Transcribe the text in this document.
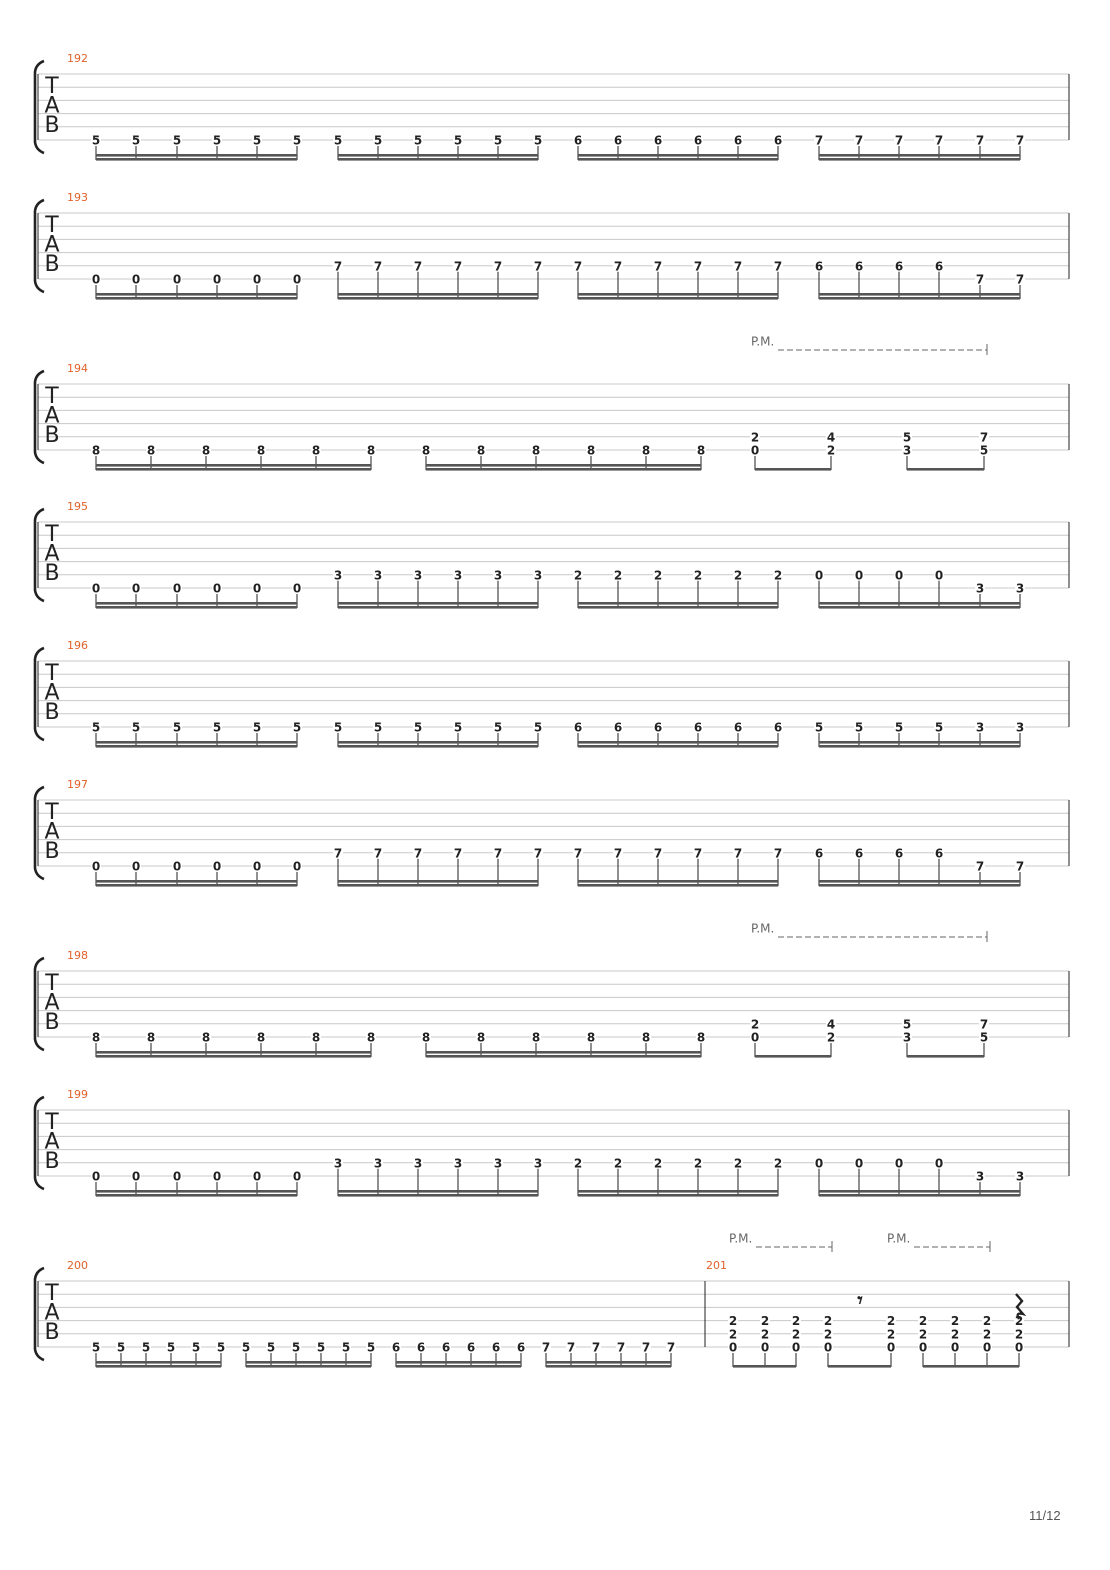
T
A
B
192
5	5	5	5	5	5	5	5	5	5	5	5	6	6	6	6	6	6	7	7	7	7	7	7
T
A
B
193
0	0	0	0	0	0
7	7	7	7	7	7	7	7	7	7	7	7	6	6	6	6
7	7
T
A
B
194
8	8	8	8	8	8	8	8	8	8	8	8
2
0
4
2
5
3
7
5
P.M.
T
A
B
195
0	0	0	0	0	0
3	3	3	3	3	3	2	2	2	2	2	2	0	0	0	0
3	3
T
A
B
196
5	5	5	5	5	5	5	5	5	5	5	5	6	6	6	6	6	6	5	5	5	5	3	3
T
A
B
197
0	0	0	0	0	0
7	7	7	7	7	7	7	7	7	7	7	7	6	6	6	6
7	7
T
A
B
198
8	8	8	8	8	8	8	8	8	8	8	8
2
0
4
2
5
3
7
5
P.M.
T
A
B
199
0	0	0	0	0	0
3	3	3	3	3	3	2	2	2	2	2	2	0	0	0	0
3	3
T
A
B
200	201
5 5 5 5 5 5 5 5 5 5 5 5 6 6 6 6 6 6 7 7 7 7 7 7
2
2
0
2
2
0
2
2
0
2
2
0
𝄾
2
2
0
2
2
0
2
2
0
2
2
0
2
2
0
P.M.	P.M.
11/12
